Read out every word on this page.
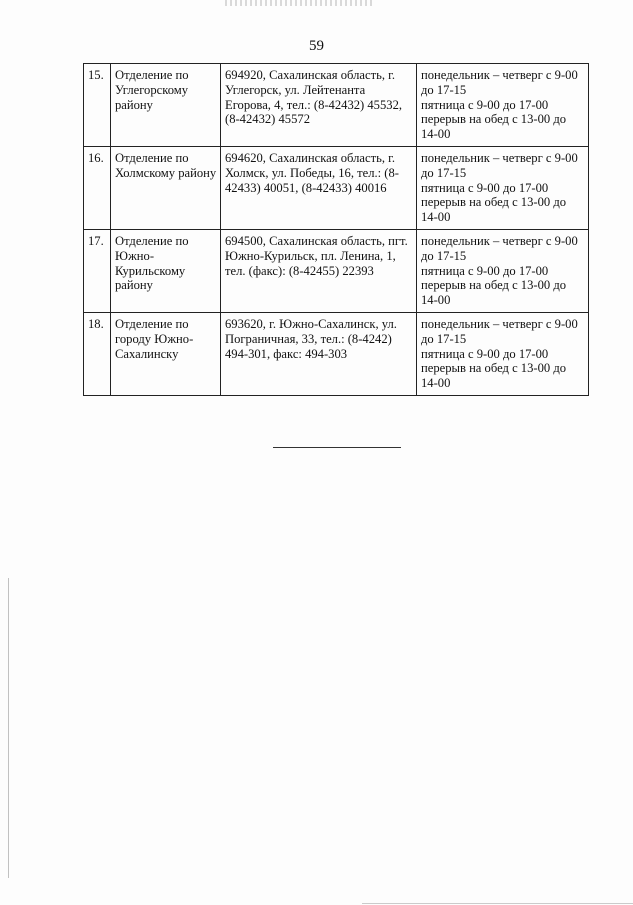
59
15.	Отделение по Углегорскому району	694920, Сахалинская область, г. Углегорск, ул. Лейтенанта Егорова, 4, тел.: (8-42432) 45532, (8-42432) 45572	понедельник – четверг с 9-00 до 17-15
пятница с 9-00 до 17-00
перерыв на обед с 13-00 до 14-00

16.	Отделение по Холмскому району	694620, Сахалинская область, г. Холмск, ул. Победы, 16, тел.: (8-42433) 40051, (8-42433) 40016	понедельник – четверг с 9-00 до 17-15
пятница с 9-00 до 17-00
перерыв на обед с 13-00 до 14-00

17.	Отделение по Южно-Курильскому району	694500, Сахалинская область, пгт. Южно-Курильск, пл. Ленина, 1, тел. (факс): (8-42455) 22393	понедельник – четверг с 9-00 до 17-15
пятница с 9-00 до 17-00
перерыв на обед с 13-00 до 14-00

18.	Отделение по городу Южно-Сахалинску	693620, г. Южно-Сахалинск, ул. Пограничная, 33, тел.: (8-4242) 494-301, факс: 494-303	понедельник – четверг с 9-00 до 17-15
пятница с 9-00 до 17-00
перерыв на обед с 13-00 до 14-00
